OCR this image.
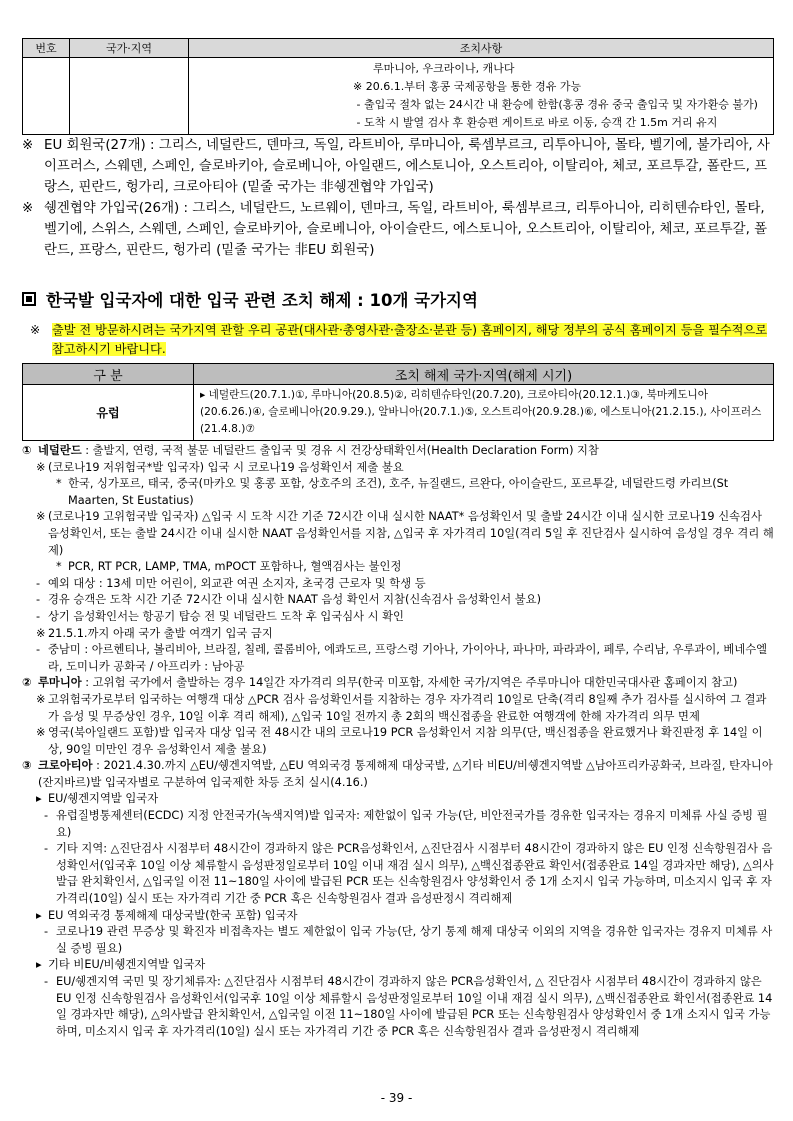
번호	국가·지역	조치사항

		루마니아, 우크라이나, 캐나다
※ 20.6.1.부터 홍콩 국제공항을 통한 경유 가능
- 출입국 절차 없는 24시간 내 환승에 한함(홍콩 경유 중국 출입국 및 자가환승 불가)
- 도착 시 발열 검사 후 환승편 게이트로 바로 이동, 승객 간 1.5m 거리 유지
※ EU 회원국(27개) : 그리스, 네덜란드, 덴마크, 독일, 라트비아, 루마니아, 룩셈부르크, 리투아니아, 몰타, 벨기에, 불가리아, 사이프러스, 스웨덴, 스페인, 슬로바키아, 슬로베니아, 아일랜드, 에스토니아, 오스트리아, 이탈리아, 체코, 포르투갈, 폴란드, 프랑스, 핀란드, 헝가리, 크로아티아 (밑줄 국가는 非쉥겐협약 가입국)
※ 쉥겐협약 가입국(26개) : 그리스, 네덜란드, 노르웨이, 덴마크, 독일, 라트비아, 룩셈부르크, 리투아니아, 리히텐슈타인, 몰타, 벨기에, 스위스, 스웨덴, 스페인, 슬로바키아, 슬로베니아, 아이슬란드, 에스토니아, 오스트리아, 이탈리아, 체코, 포르투갈, 폴란드, 프랑스, 핀란드, 헝가리 (밑줄 국가는 非EU 회원국)
한국발 입국자에 대한 입국 관련 조치 해제 : 10개 국가지역
※ 출발 전 방문하시려는 국가지역 관할 우리 공관(대사관·총영사관·출장소·분관 등) 홈페이지, 해당 정부의 공식 홈페이지 등을 필수적으로 참고하시기 바랍니다.
구 분	조치 해제 국가·지역(해제 시기)
유럽	▸ 네덜란드(20.7.1.)①, 루마니아(20.8.5)②, 리히텐슈타인(20.7.20), 크로아티아(20.12.1.)③, 북마케도니아(20.6.26.)④, 슬로베니아(20.9.29.), 알바니아(20.7.1.)⑤, 오스트리아(20.9.28.)⑥, 에스토니아(21.2.15.), 사이프러스(21.4.8.)⑦
① 네덜란드 : 출발지, 연령, 국적 불문 네덜란드 출입국 및 경유 시 건강상태확인서(Health Declaration Form) 지참
※ (코로나19 저위험국*발 입국자) 입국 시 코로나19 음성확인서 제출 불요
* 한국, 싱가포르, 태국, 중국(마카오 및 홍콩 포함, 상호주의 조건), 호주, 뉴질랜드, 르완다, 아이슬란드, 포르투갈, 네덜란드령 카리브(St Maarten, St Eustatius)
※ (코로나19 고위험국발 입국자) △입국 시 도착 시간 기준 72시간 이내 실시한 NAAT* 음성확인서 및 출발 24시간 이내 실시한 코로나19 신속검사 음성확인서, 또는 출발 24시간 이내 실시한 NAAT 음성확인서를 지참, △입국 후 자가격리 10일(격리 5일 후 진단검사 실시하여 음성일 경우 격리 해제)
* PCR, RT PCR, LAMP, TMA, mPOCT 포함하나, 혈액검사는 불인정
- 예외 대상 : 13세 미만 어린이, 외교관 여권 소지자, 초국경 근로자 및 학생 등
- 경유 승객은 도착 시간 기준 72시간 이내 실시한 NAAT 음성 확인서 지참(신속검사 음성확인서 불요)
- 상기 음성확인서는 항공기 탑승 전 및 네덜란드 도착 후 입국심사 시 확인
※ 21.5.1.까지 아래 국가 출발 여객기 입국 금지
- 중남미 : 아르헨티나, 볼리비아, 브라질, 칠레, 콜롬비아, 에콰도르, 프랑스령 기아나, 가이아나, 파나마, 파라과이, 페루, 수리남, 우루과이, 베네수엘라, 도미니카 공화국 / 아프리카 : 남아공
② 루마니아 : 고위험 국가에서 출발하는 경우 14일간 자가격리 의무(한국 미포함, 자세한 국가/지역은 주루마니아 대한민국대사관 홈페이지 참고)
※ 고위험국가로부터 입국하는 여행객 대상 △PCR 검사 음성확인서를 지참하는 경우 자가격리 10일로 단축(격리 8일째 추가 검사를 실시하여 그 결과가 음성 및 무증상인 경우, 10일 이후 격리 해제), △입국 10일 전까지 총 2회의 백신접종을 완료한 여행객에 한해 자가격리 의무 면제
※ 영국(북아일랜드 포함)발 입국자 대상 입국 전 48시간 내의 코로나19 PCR 음성확인서 지참 의무(단, 백신접종을 완료했거나 확진판정 후 14일 이상, 90일 미만인 경우 음성확인서 제출 불요)
③ 크로아티아 : 2021.4.30.까지 △EU/쉥겐지역발, △EU 역외국경 통제해제 대상국발, △기타 비EU/비쉥겐지역발 △남아프리카공화국, 브라질, 탄자니아(잔지바르)발 입국자별로 구분하여 입국제한 차등 조치 실시(4.16.)
▸ EU/쉥겐지역발 입국자
- 유럽질병통제센터(ECDC) 지정 안전국가(녹색지역)발 입국자: 제한없이 입국 가능(단, 비안전국가를 경유한 입국자는 경유지 미체류 사실 증빙 필요)
- 기타 지역: △진단검사 시점부터 48시간이 경과하지 않은 PCR음성확인서, △진단검사 시점부터 48시간이 경과하지 않은 EU 인정 신속항원검사 음성확인서(입국후 10일 이상 체류할시 음성판정일로부터 10일 이내 재검 실시 의무), △백신접종완료 확인서(접종완료 14일 경과자만 해당), △의사발급 완치확인서, △입국일 이전 11~180일 사이에 발급된 PCR 또는 신속항원검사 양성확인서 중 1개 소지시 입국 가능하며, 미소지시 입국 후 자가격리(10일) 실시 또는 자가격리 기간 중 PCR 혹은 신속항원검사 결과 음성판정시 격리해제
▸ EU 역외국경 통제해제 대상국발(한국 포함) 입국자
- 코로나19 관련 무증상 및 확진자 비접촉자는 별도 제한없이 입국 가능(단, 상기 통제 해제 대상국 이외의 지역을 경유한 입국자는 경유지 미체류 사실 증빙 필요)
▸ 기타 비EU/비쉥겐지역발 입국자
- EU/쉥겐지역 국민 및 장기체류자: △진단검사 시점부터 48시간이 경과하지 않은 PCR음성확인서, △ 진단검사 시점부터 48시간이 경과하지 않은 EU 인정 신속항원검사 음성확인서(입국후 10일 이상 체류할시 음성판정일로부터 10일 이내 재검 실시 의무), △백신접종완료 확인서(접종완료 14일 경과자만 해당), △의사발급 완치확인서, △입국일 이전 11~180일 사이에 발급된 PCR 또는 신속항원검사 양성확인서 중 1개 소지시 입국 가능하며, 미소지시 입국 후 자가격리(10일) 실시 또는 자가격리 기간 중 PCR 혹은 신속항원검사 결과 음성판정시 격리해제
- 39 -
